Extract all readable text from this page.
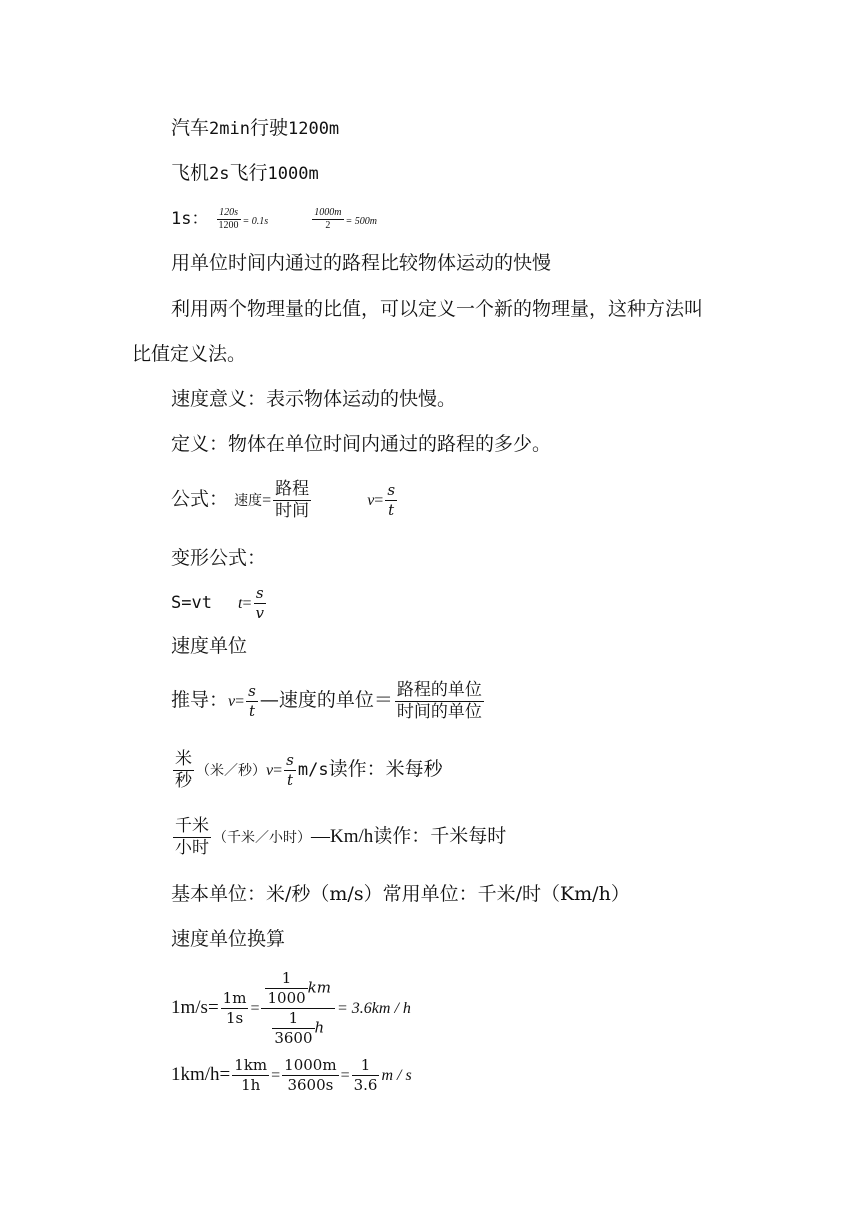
汽车2min行驶1200m
飞机2s飞行1000m
1s： $\frac{120s}{1200} = 0.1s$	$\frac{1000m}{2} = 500m$
用单位时间内通过的路程比较物体运动的快慢
利用两个物理量的比值，可以定义一个新的物理量，这种方法叫
比值定义法。
速度意义：表示物体运动的快慢。
定义：物体在单位时间内通过的路程的多少。
公式： 速度= $\frac{\text{路程}}{\text{时间}}$	$v= \frac{s}{t}$
变形公式：
S=vt $t= \frac{s}{v}$
速度单位
推导：$v= \frac{s}{t}$ —速度的单位＝ $\frac{\text{路程的单位}}{\text{时间的单位}}$
$\frac{\text{米}}{\text{秒}}$ （米／秒）$v= \frac{s}{t} m/s$读作：米每秒
$\frac{\text{千米}}{\text{小时}}$ （千米／小时）—Km/h读作：千米每时
基本单位：米/秒（m/s）常用单位：千米/时（Km/h）
速度单位换算
$1m/s= \frac{1m}{1s} = \frac{\frac{1}{1000} km}{\frac{1}{3600} h} = 3.6km / h$
$1km/h= \frac{1km}{1h} = \frac{1000m}{3600s} = \frac{1}{3.6}$ m / s
